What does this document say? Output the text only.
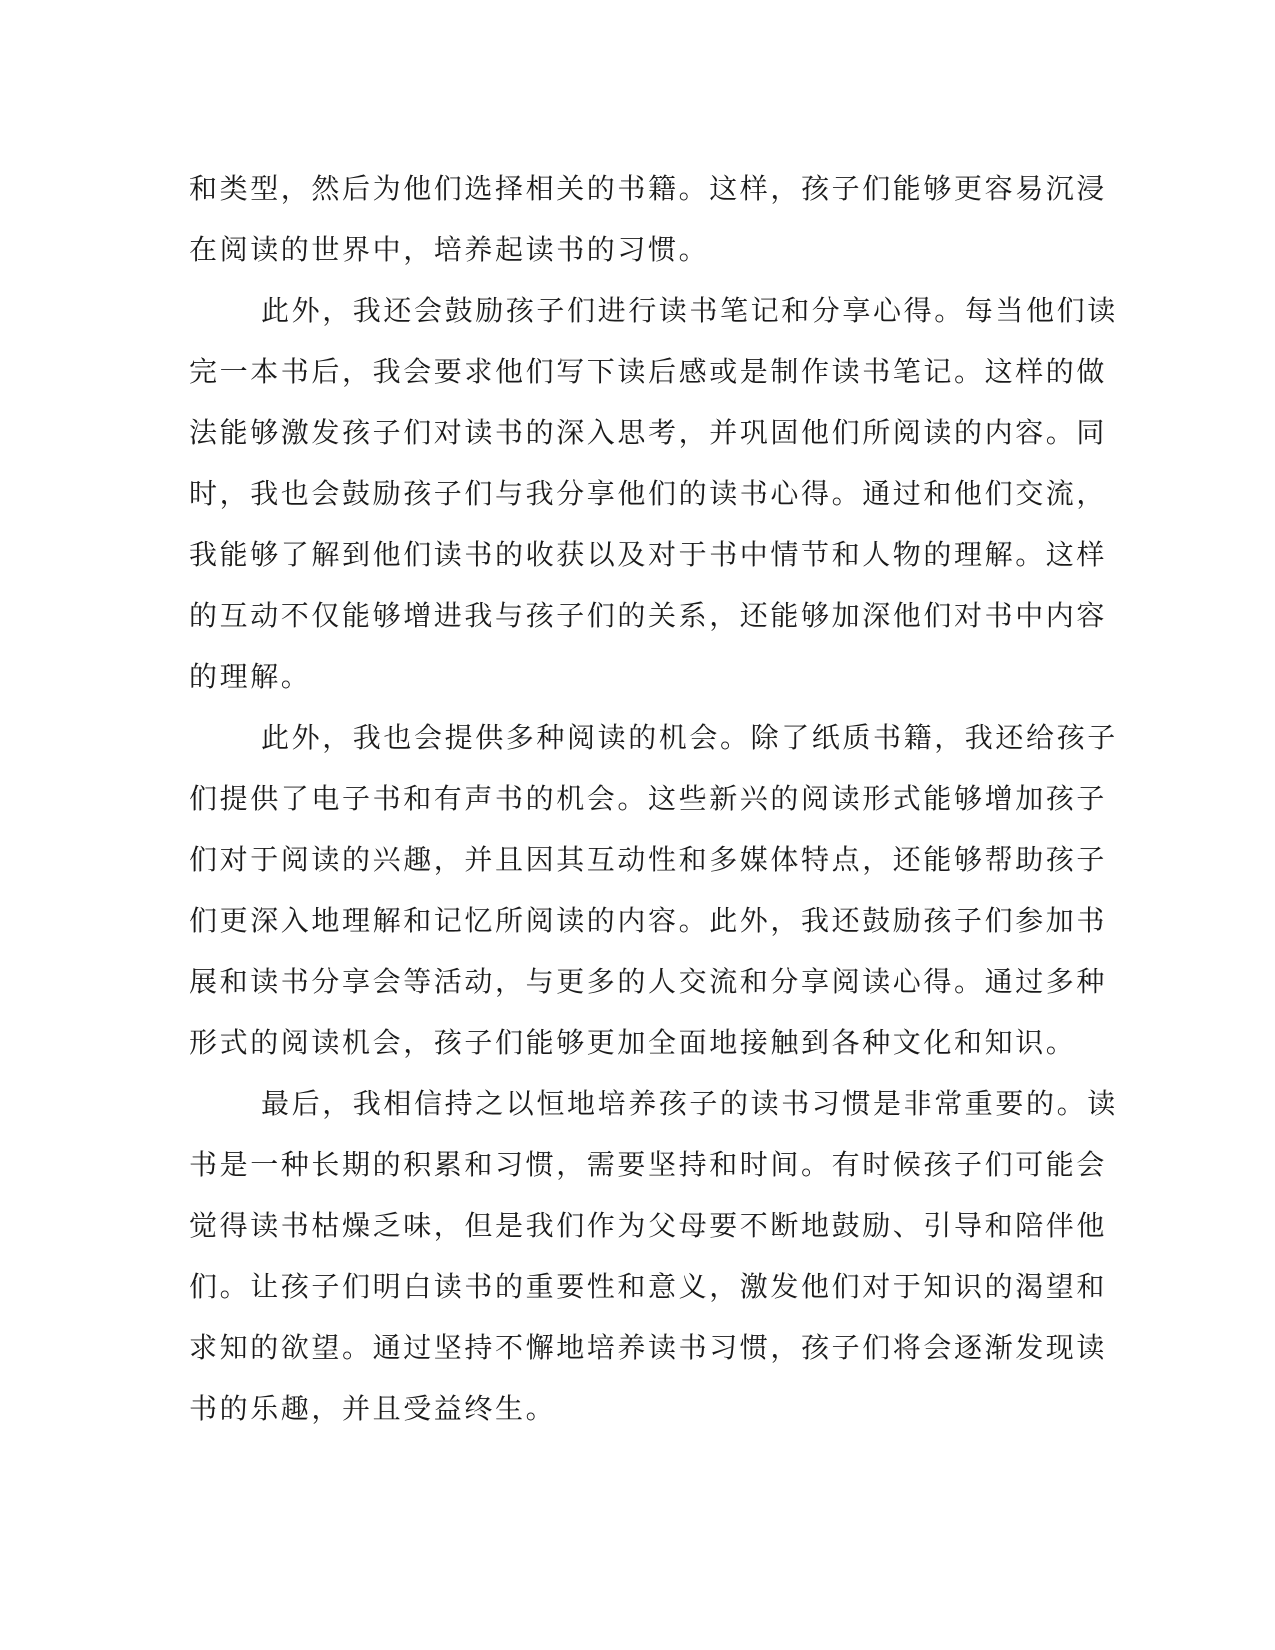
和类型，然后为他们选择相关的书籍。这样，孩子们能够更容易沉浸
在阅读的世界中，培养起读书的习惯。
此外，我还会鼓励孩子们进行读书笔记和分享心得。每当他们读
完一本书后，我会要求他们写下读后感或是制作读书笔记。这样的做
法能够激发孩子们对读书的深入思考，并巩固他们所阅读的内容。同
时，我也会鼓励孩子们与我分享他们的读书心得。通过和他们交流，
我能够了解到他们读书的收获以及对于书中情节和人物的理解。这样
的互动不仅能够增进我与孩子们的关系，还能够加深他们对书中内容
的理解。
此外，我也会提供多种阅读的机会。除了纸质书籍，我还给孩子
们提供了电子书和有声书的机会。这些新兴的阅读形式能够增加孩子
们对于阅读的兴趣，并且因其互动性和多媒体特点，还能够帮助孩子
们更深入地理解和记忆所阅读的内容。此外，我还鼓励孩子们参加书
展和读书分享会等活动，与更多的人交流和分享阅读心得。通过多种
形式的阅读机会，孩子们能够更加全面地接触到各种文化和知识。
最后，我相信持之以恒地培养孩子的读书习惯是非常重要的。读
书是一种长期的积累和习惯，需要坚持和时间。有时候孩子们可能会
觉得读书枯燥乏味，但是我们作为父母要不断地鼓励、引导和陪伴他
们。让孩子们明白读书的重要性和意义，激发他们对于知识的渴望和
求知的欲望。通过坚持不懈地培养读书习惯，孩子们将会逐渐发现读
书的乐趣，并且受益终生。
